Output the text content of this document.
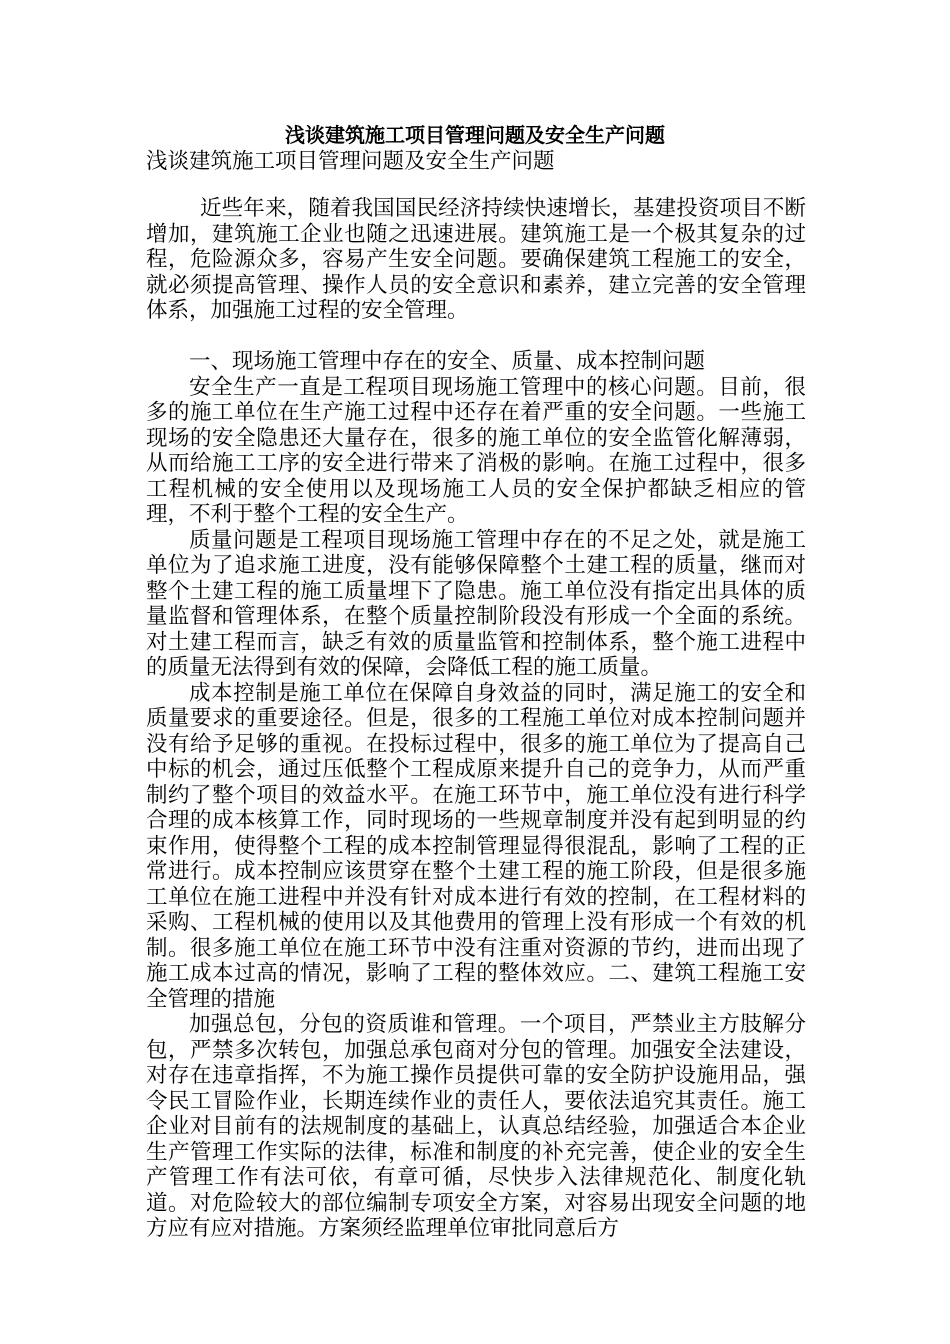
浅谈建筑施工项目管理问题及安全生产问题
浅谈建筑施工项目管理问题及安全生产问题

近些年来，随着我国国民经济持续快速增长，基建投资项目不断增加，建筑施工企业也随之迅速进展。建筑施工是一个极其复杂的过程，危险源众多，容易产生安全问题。要确保建筑工程施工的安全，就必须提高管理、操作人员的安全意识和素养，建立完善的安全管理体系，加强施工过程的安全管理。

一、现场施工管理中存在的安全、质量、成本控制问题

安全生产一直是工程项目现场施工管理中的核心问题。目前，很多的施工单位在生产施工过程中还存在着严重的安全问题。一些施工现场的安全隐患还大量存在，很多的施工单位的安全监管化解薄弱，从而给施工工序的安全进行带来了消极的影响。在施工过程中，很多工程机械的安全使用以及现场施工人员的安全保护都缺乏相应的管理，不利于整个工程的安全生产。

质量问题是工程项目现场施工管理中存在的不足之处，就是施工单位为了追求施工进度，没有能够保障整个土建工程的质量，继而对整个土建工程的施工质量埋下了隐患。施工单位没有指定出具体的质量监督和管理体系，在整个质量控制阶段没有形成一个全面的系统。对土建工程而言，缺乏有效的质量监管和控制体系，整个施工进程中的质量无法得到有效的保障，会降低工程的施工质量。

成本控制是施工单位在保障自身效益的同时，满足施工的安全和质量要求的重要途径。但是，很多的工程施工单位对成本控制问题并没有给予足够的重视。在投标过程中，很多的施工单位为了提高自己中标的机会，通过压低整个工程成原来提升自己的竞争力，从而严重制约了整个项目的效益水平。在施工环节中，施工单位没有进行科学合理的成本核算工作，同时现场的一些规章制度并没有起到明显的约束作用，使得整个工程的成本控制管理显得很混乱，影响了工程的正常进行。成本控制应该贯穿在整个土建工程的施工阶段，但是很多施工单位在施工进程中并没有针对成本进行有效的控制，在工程材料的采购、工程机械的使用以及其他费用的管理上没有形成一个有效的机制。很多施工单位在施工环节中没有注重对资源的节约，进而出现了施工成本过高的情况，影响了工程的整体效应。二、建筑工程施工安全管理的措施

加强总包，分包的资质谁和管理。一个项目，严禁业主方肢解分包，严禁多次转包，加强总承包商对分包的管理。加强安全法建设，对存在违章指挥，不为施工操作员提供可靠的安全防护设施用品，强令民工冒险作业，长期连续作业的责任人，要依法追究其责任。施工企业对目前有的法规制度的基础上，认真总结经验，加强适合本企业生产管理工作实际的法律，标准和制度的补充完善，使企业的安全生产管理工作有法可依，有章可循，尽快步入法律规范化、制度化轨道。对危险较大的部位编制专项安全方案，对容易出现安全问题的地方应有应对措施。方案须经监理单位审批同意后方
